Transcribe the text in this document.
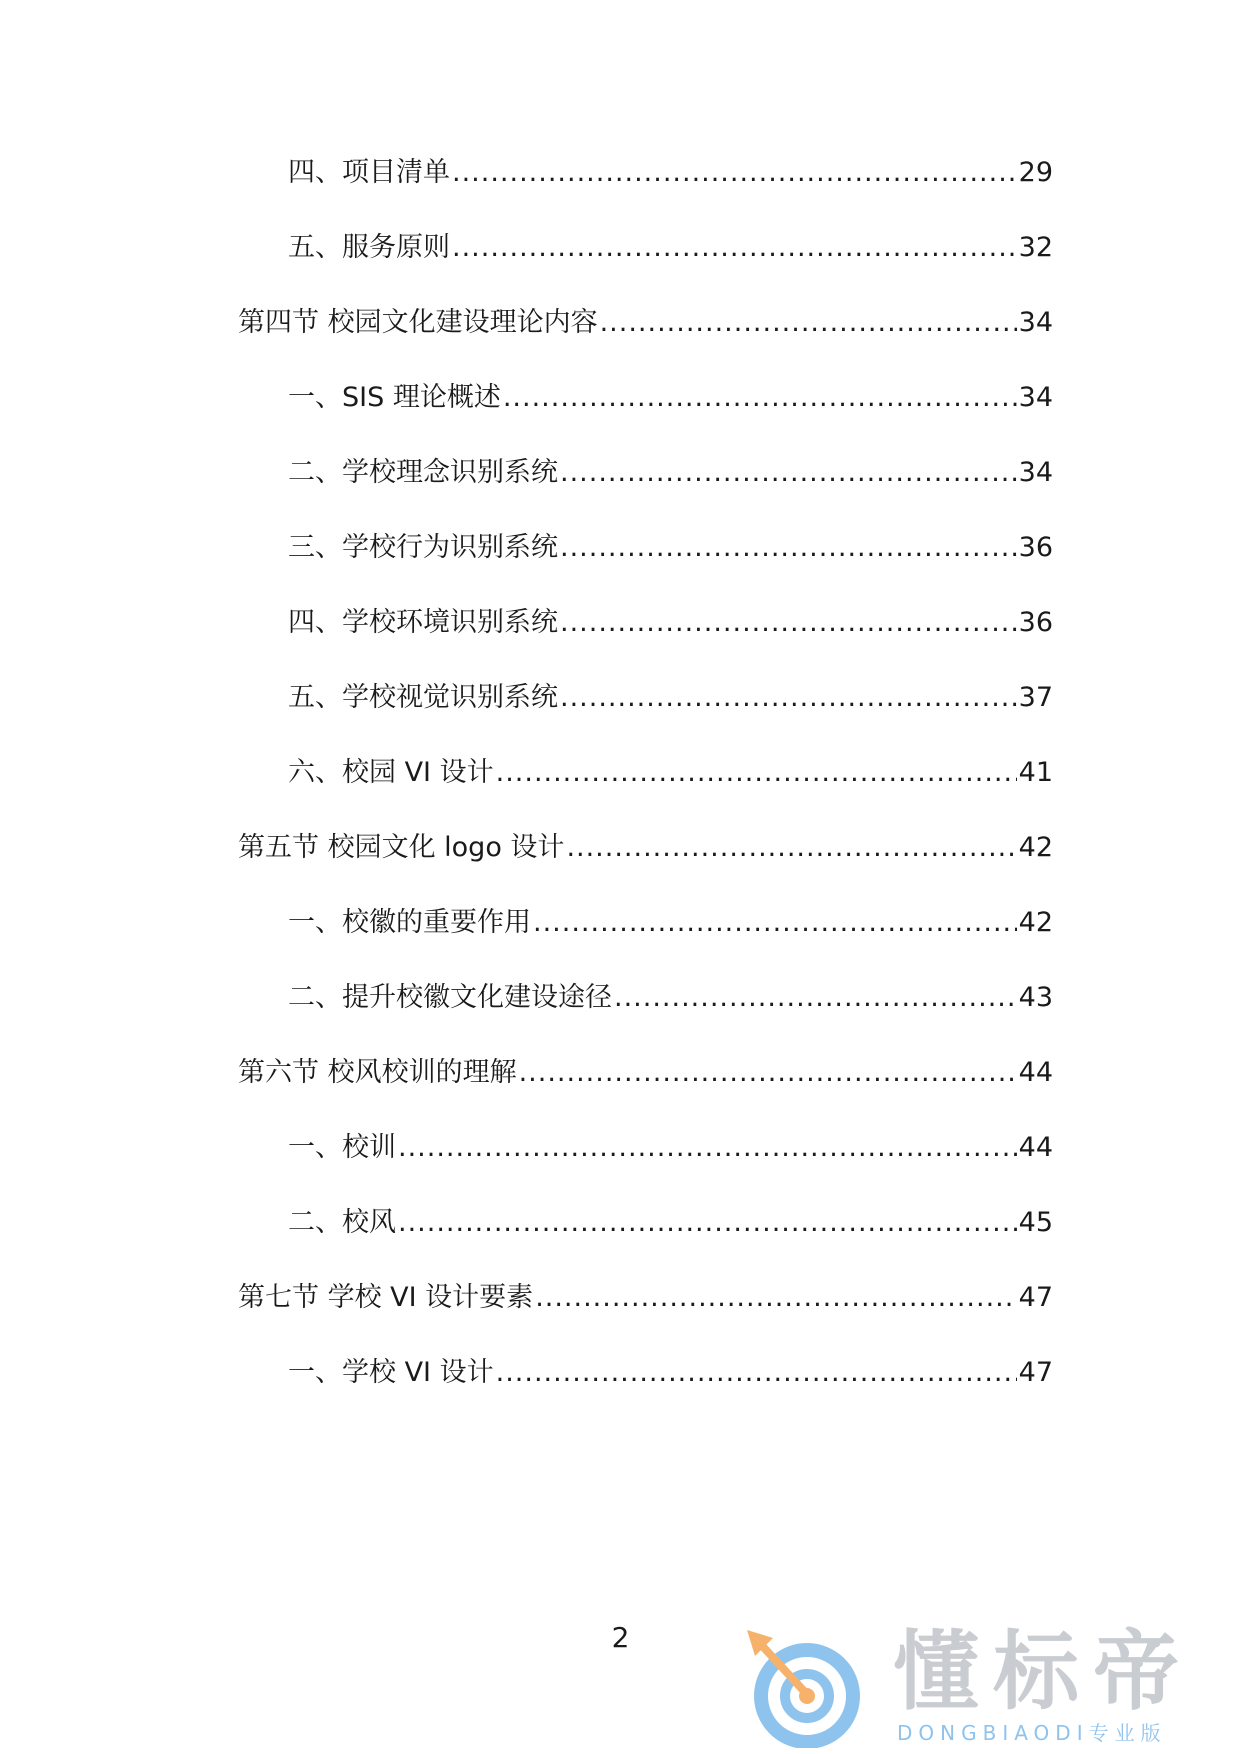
四、项目清单 .....	29
五、服务原则 .....	32
第四节 校园文化建设理论内容 .....	34
一、SIS 理论概述 .....	34
二、学校理念识别系统 .....	34
三、学校行为识别系统 .....	36
四、学校环境识别系统 .....	36
五、学校视觉识别系统 .....	37
六、校园 VI 设计 .....	41
第五节 校园文化 logo 设计 .....	42
一、校徽的重要作用 .....	42
二、提升校徽文化建设途径 .....	43
第六节 校风校训的理解 .....	44
一、校训 .....	44
二、校风 .....	45
第七节 学校 VI 设计要素 .....	47
一、学校 VI 设计 .....	47
2	懂标帝
DONGBIAODI专业版
